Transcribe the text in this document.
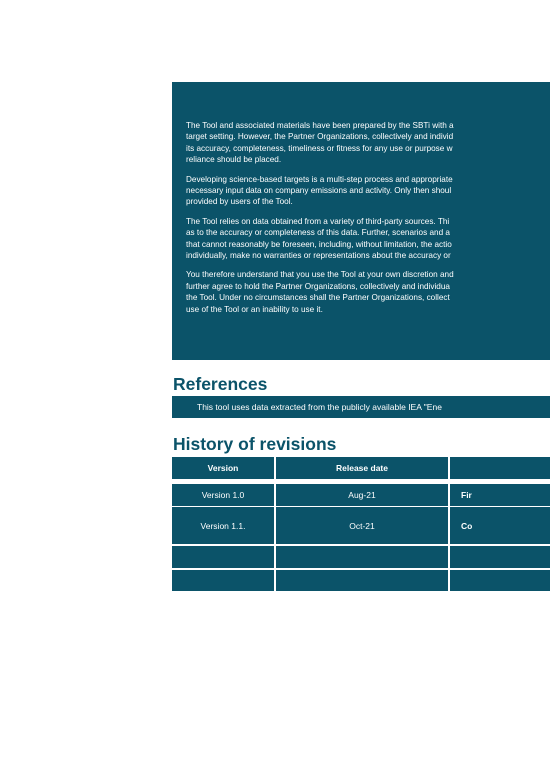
The Tool and associated materials have been prepared by the SBTi with a
target setting. However, the Partner Organizations, collectively and individ
its accuracy, completeness, timeliness or fitness for any use or purpose w
reliance should be placed.

Developing science-based targets is a multi-step process and appropriate
necessary input data on company emissions and activity. Only then shoul
provided by users of the Tool.

The Tool relies on data obtained from a variety of third-party sources. Thi
as to the accuracy or completeness of this data. Further, scenarios and a
that cannot reasonably be foreseen, including, without limitation, the actio
individually, make no warranties or representations about the accuracy or

You therefore understand that you use the Tool at your own discretion and
further agree to hold the Partner Organizations, collectively and individua
the Tool. Under no circumstances shall the Partner Organizations, collect
use of the Tool or an inability to use it.

References
This tool uses data extracted from the publicly available IEA "Ene
History of revisions
Version	Release date
Version 1.0	Aug-21	Fir
Version 1.1.	Oct-21	Co
